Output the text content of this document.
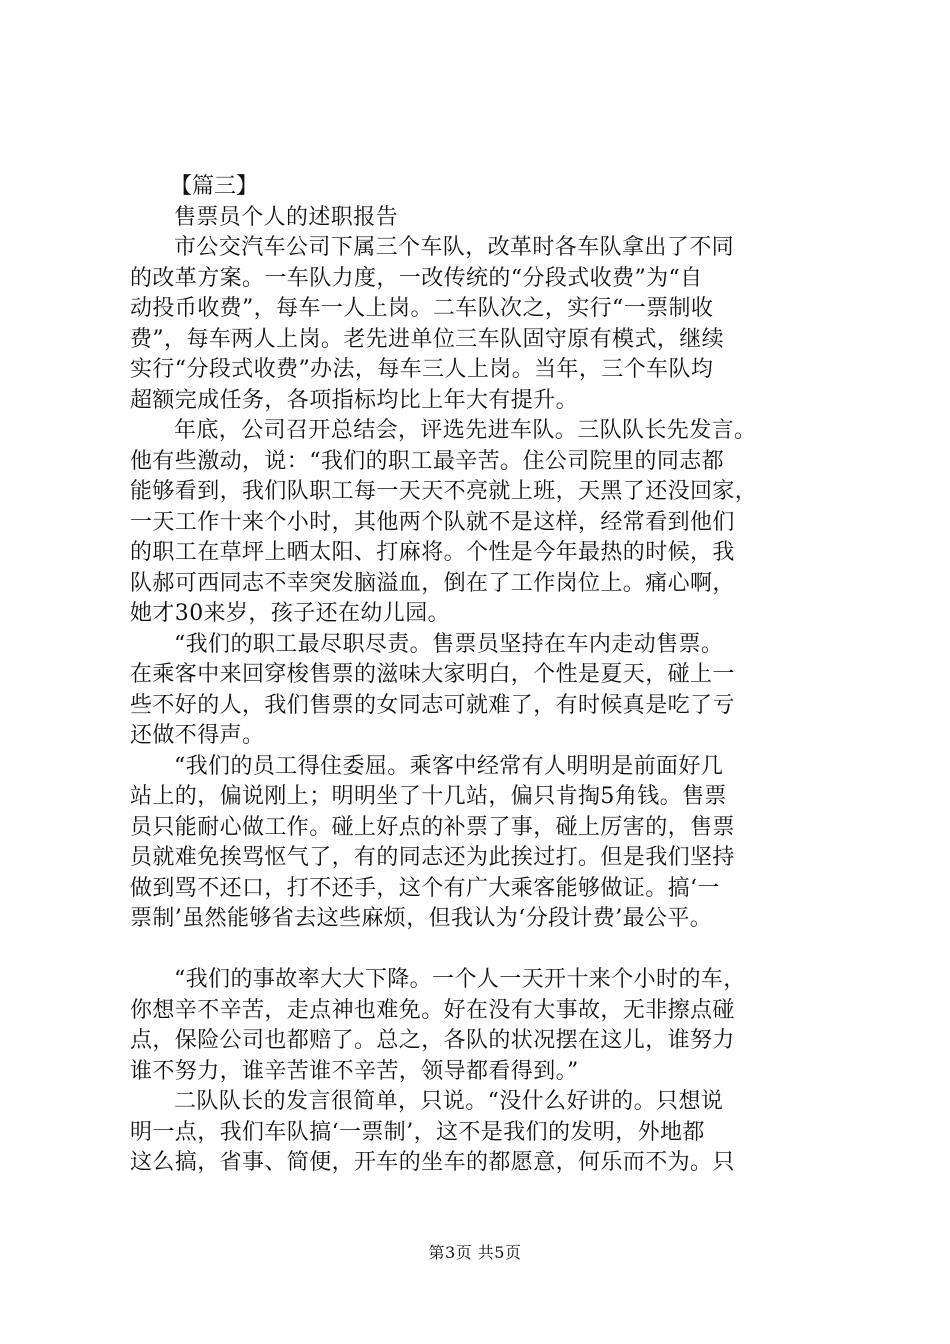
【篇三】
售票员个人的述职报告
市公交汽车公司下属三个车队，改革时各车队拿出了不同
的改革方案。一车队力度，一改传统的“分段式收费”为“自
动投币收费”，每车一人上岗。二车队次之，实行“一票制收
费”，每车两人上岗。老先进单位三车队固守原有模式，继续
实行“分段式收费”办法，每车三人上岗。当年，三个车队均
超额完成任务，各项指标均比上年大有提升。
年底，公司召开总结会，评选先进车队。三队队长先发言。
他有些激动，说：“我们的职工最辛苦。住公司院里的同志都
能够看到，我们队职工每一天天不亮就上班，天黑了还没回家，
一天工作十来个小时，其他两个队就不是这样，经常看到他们
的职工在草坪上晒太阳、打麻将。个性是今年最热的时候，我
队郝可西同志不幸突发脑溢血，倒在了工作岗位上。痛心啊，
她才30来岁，孩子还在幼儿园。
“我们的职工最尽职尽责。售票员坚持在车内走动售票。
在乘客中来回穿梭售票的滋味大家明白，个性是夏天，碰上一
些不好的人，我们售票的女同志可就难了，有时候真是吃了亏
还做不得声。
“我们的员工得住委屈。乘客中经常有人明明是前面好几
站上的，偏说刚上；明明坐了十几站，偏只肯掏5角钱。售票
员只能耐心做工作。碰上好点的补票了事，碰上厉害的，售票
员就难免挨骂怄气了，有的同志还为此挨过打。但是我们坚持
做到骂不还口，打不还手，这个有广大乘客能够做证。搞‘一
票制’虽然能够省去这些麻烦，但我认为‘分段计费’最公平。
“我们的事故率大大下降。一个人一天开十来个小时的车，
你想辛不辛苦，走点神也难免。好在没有大事故，无非擦点碰
点，保险公司也都赔了。总之，各队的状况摆在这儿，谁努力
谁不努力，谁辛苦谁不辛苦，领导都看得到。”
二队队长的发言很简单，只说。“没什么好讲的。只想说
明一点，我们车队搞‘一票制’，这不是我们的发明，外地都
这么搞，省事、简便，开车的坐车的都愿意，何乐而不为。只
第3页 共5页
